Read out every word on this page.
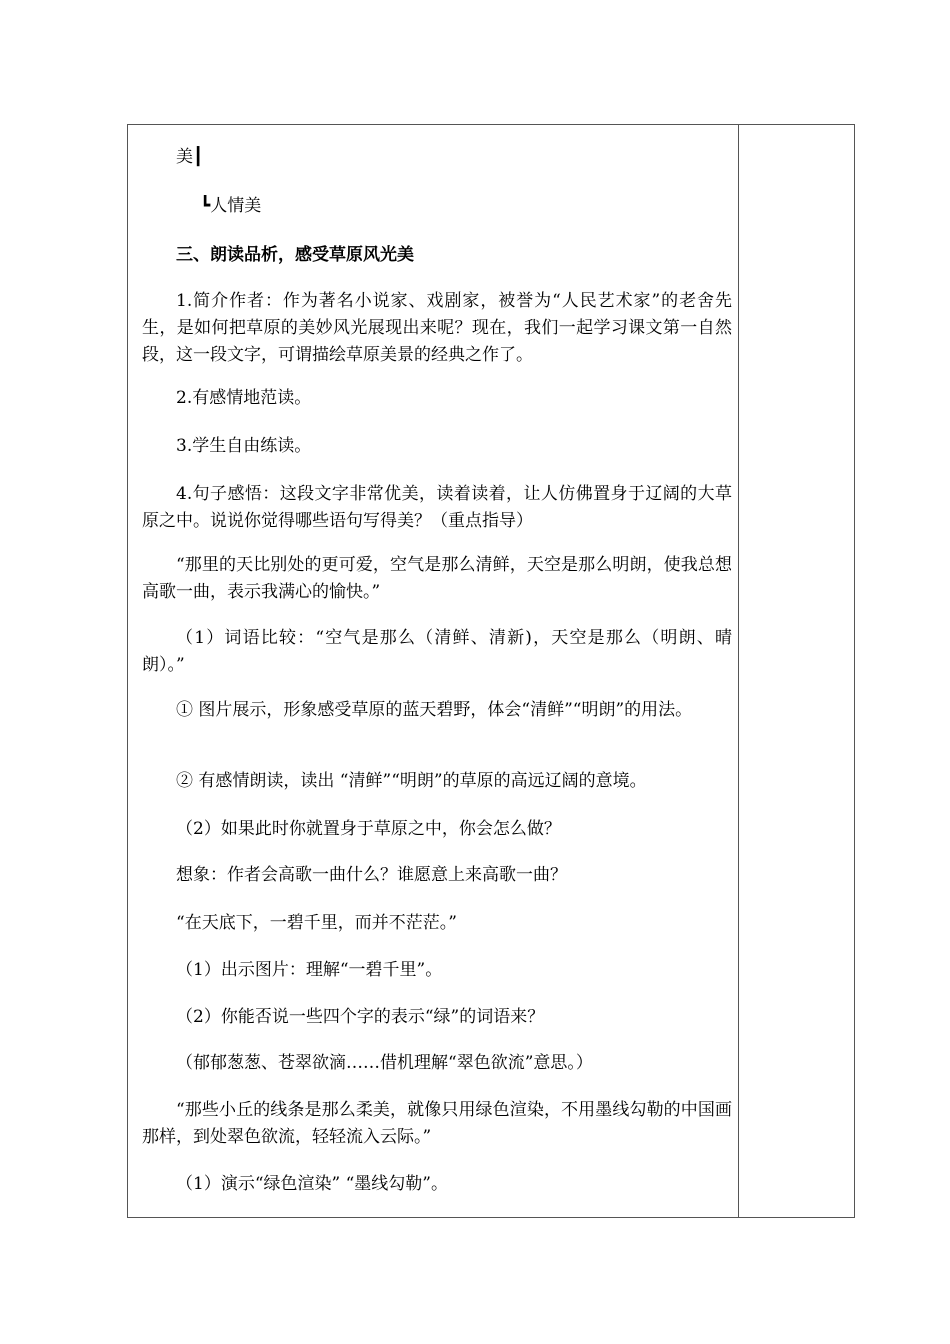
美┃
┗人情美
三、朗读品析，感受草原风光美
1.简介作者：作为著名小说家、戏剧家，被誉为“人民艺术家”的老舍先生，是如何把草原的美妙风光展现出来呢？现在，我们一起学习课文第一自然段，这一段文字，可谓描绘草原美景的经典之作了。
2.有感情地范读。
3.学生自由练读。
4.句子感悟：这段文字非常优美，读着读着，让人仿佛置身于辽阔的大草原之中。说说你觉得哪些语句写得美？（重点指导）
“那里的天比别处的更可爱，空气是那么清鲜，天空是那么明朗，使我总想高歌一曲，表示我满心的愉快。”
（1）词语比较：“空气是那么（清鲜、清新)，天空是那么（明朗、晴朗）。”
① 图片展示，形象感受草原的蓝天碧野，体会“清鲜”“明朗”的用法。
② 有感情朗读，读出 “清鲜”“明朗”的草原的高远辽阔的意境。
（2）如果此时你就置身于草原之中，你会怎么做？
想象：作者会高歌一曲什么？谁愿意上来高歌一曲？
“在天底下，一碧千里，而并不茫茫。”
（1）出示图片：理解“一碧千里”。
（2）你能否说一些四个字的表示“绿”的词语来？
（郁郁葱葱、苍翠欲滴……借机理解“翠色欲流”意思。）
“那些小丘的线条是那么柔美，就像只用绿色渲染，不用墨线勾勒的中国画那样，到处翠色欲流，轻轻流入云际。”
（1）演示“绿色渲染” “墨线勾勒”。
